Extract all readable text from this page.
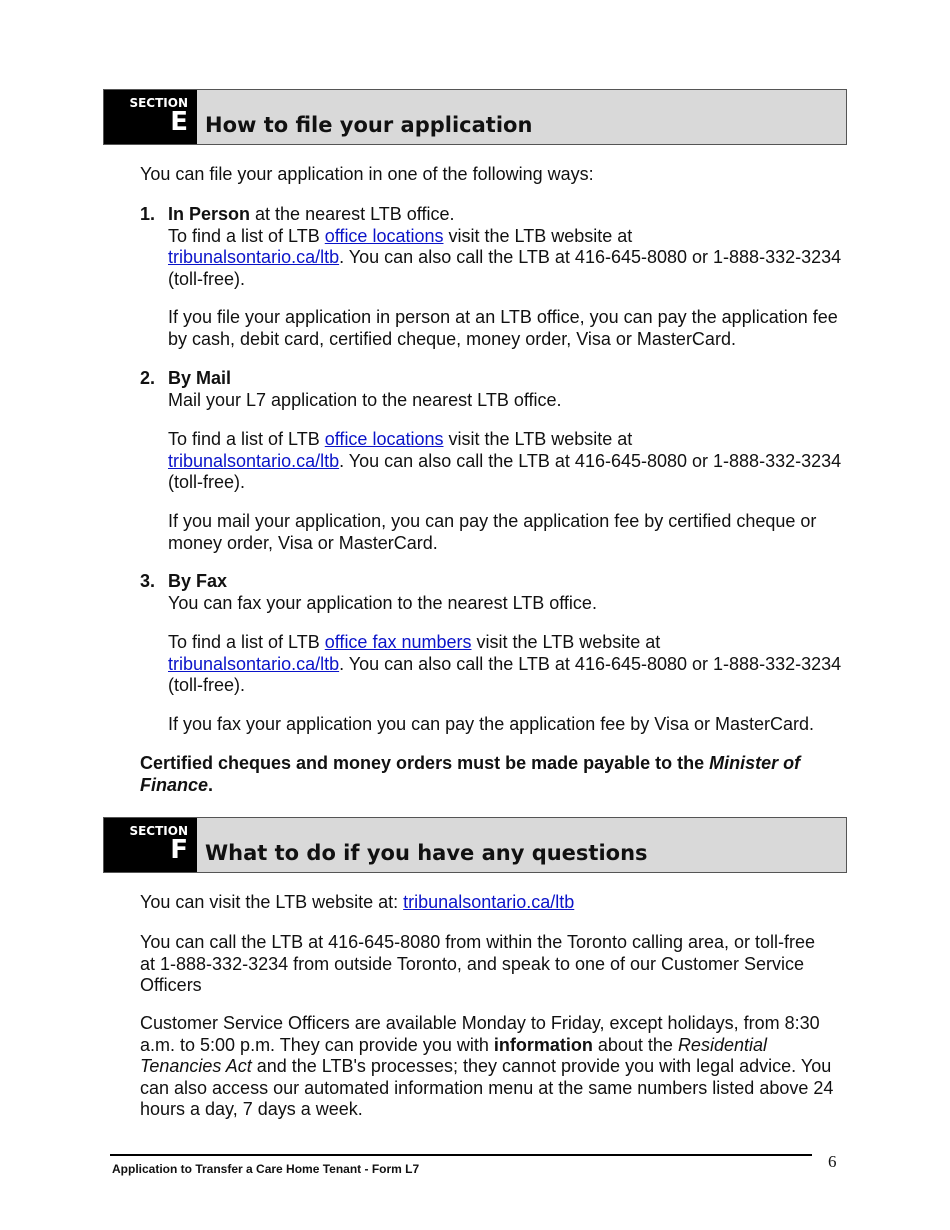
SECTION
E How to file your application

You can file your application in one of the following ways:

1. In Person at the nearest LTB office.
To find a list of LTB office locations visit the LTB website at
tribunalsontario.ca/ltb. You can also call the LTB at 416-645-8080 or 1-888-332-3234 (toll-free).

If you file your application in person at an LTB office, you can pay the application fee by cash, debit card, certified cheque, money order, Visa or MasterCard.

2. By Mail
Mail your L7 application to the nearest LTB office.

To find a list of LTB office locations visit the LTB website at
tribunalsontario.ca/ltb. You can also call the LTB at 416-645-8080 or 1-888-332-3234 (toll-free).

If you mail your application, you can pay the application fee by certified cheque or money order, Visa or MasterCard.

3. By Fax
You can fax your application to the nearest LTB office.

To find a list of LTB office fax numbers visit the LTB website at
tribunalsontario.ca/ltb. You can also call the LTB at 416-645-8080 or 1-888-332-3234 (toll-free).

If you fax your application you can pay the application fee by Visa or MasterCard.

Certified cheques and money orders must be made payable to the Minister of Finance.

SECTION
F What to do if you have any questions

You can visit the LTB website at: tribunalsontario.ca/ltb

You can call the LTB at 416-645-8080 from within the Toronto calling area, or toll-free at 1-888-332-3234 from outside Toronto, and speak to one of our Customer Service Officers

Customer Service Officers are available Monday to Friday, except holidays, from 8:30 a.m. to 5:00 p.m. They can provide you with information about the Residential Tenancies Act and the LTB's processes; they cannot provide you with legal advice. You can also access our automated information menu at the same numbers listed above 24 hours a day, 7 days a week.

Application to Transfer a Care Home Tenant - Form L7	6
